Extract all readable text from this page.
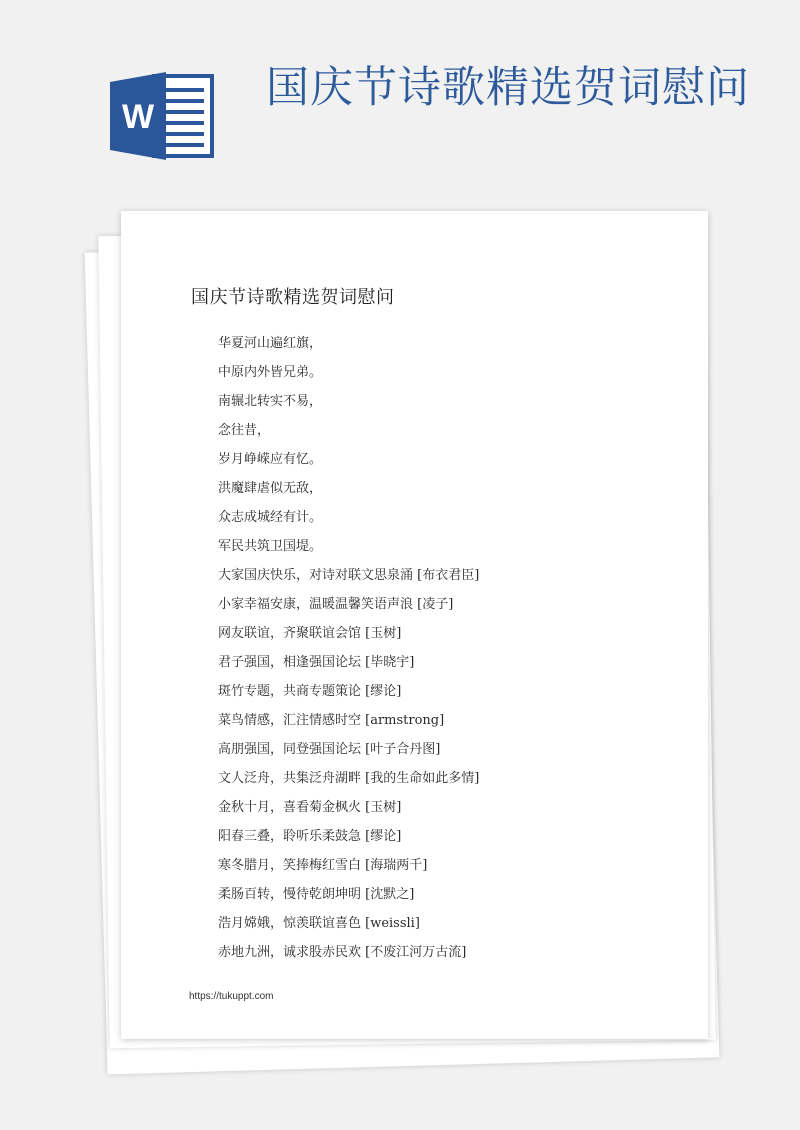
W
国庆节诗歌精选贺词慰问
国庆节诗歌精选贺词慰问
华夏河山遍红旗，
中原内外皆兄弟。
南辗北转实不易，
念往昔，
岁月峥嵘应有忆。
洪魔肆虐似无敌，
众志成城经有计。
军民共筑卫国堤。
大家国庆快乐，对诗对联文思泉涌 [布衣君臣]
小家幸福安康，温暖温馨笑语声浪 [凌子]
网友联谊，齐聚联谊会馆 [玉树]
君子强国，相逢强国论坛 [毕晓宇]
斑竹专题，共商专题策论 [缪论]
菜鸟情感，汇注情感时空 [armstrong]
高朋强国，同登强国论坛 [叶子合丹图]
文人泛舟，共集泛舟湖畔 [我的生命如此多情]
金秋十月，喜看菊金枫火 [玉树]
阳春三叠，聆听乐柔鼓急 [缪论]
寒冬腊月，笑捧梅红雪白 [海瑞两千]
柔肠百转，慢待乾朗坤明 [沈默之]
浩月嫦娥，惊羡联谊喜色 [weissli]
赤地九洲，诚求股赤民欢 [不废江河万古流]
https://tukuppt.com
